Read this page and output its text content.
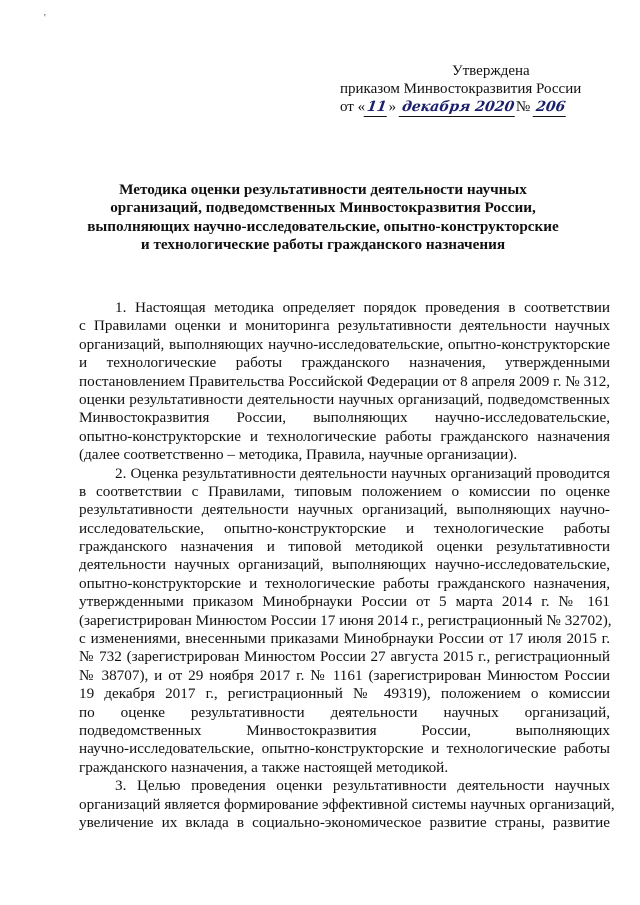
'
Утверждена
приказом Минвостокразвития России
от «11» декабря 2020№ 206
Методика оценки результативности деятельности научных
организаций, подведомственных Минвостокразвития России,
выполняющих научно-исследовательские, опытно-конструкторские
и технологические работы гражданского назначения
1. Настоящая методика определяет порядок проведения в соответствии
с Правилами оценки и мониторинга результативности деятельности научных
организаций, выполняющих научно-исследовательские, опытно-конструкторские
и технологические работы гражданского назначения, утвержденными
постановлением Правительства Российской Федерации от 8 апреля 2009 г. № 312,
оценки результативности деятельности научных организаций, подведомственных
Минвостокразвития России, выполняющих научно-исследовательские,
опытно-конструкторские и технологические работы гражданского назначения
(далее соответственно – методика, Правила, научные организации).
2. Оценка результативности деятельности научных организаций проводится
в соответствии с Правилами, типовым положением о комиссии по оценке
результативности деятельности научных организаций, выполняющих научно-
исследовательские, опытно-конструкторские и технологические работы
гражданского назначения и типовой методикой оценки результативности
деятельности научных организаций, выполняющих научно-исследовательские,
опытно-конструкторские и технологические работы гражданского назначения,
утвержденными приказом Минобрнауки России от 5 марта 2014 г. № 161
(зарегистрирован Минюстом России 17 июня 2014 г., регистрационный № 32702),
с изменениями, внесенными приказами Минобрнауки России от 17 июля 2015 г.
№ 732 (зарегистрирован Минюстом России 27 августа 2015 г., регистрационный
№ 38707), и от 29 ноября 2017 г. № 1161 (зарегистрирован Минюстом России
19 декабря 2017 г., регистрационный № 49319), положением о комиссии
по оценке результативности деятельности научных организаций,
подведомственных Минвостокразвития России, выполняющих
научно-исследовательские, опытно-конструкторские и технологические работы
гражданского назначения, а также настоящей методикой.
3. Целью проведения оценки результативности деятельности научных
организаций является формирование эффективной системы научных организаций,
увеличение их вклада в социально-экономическое развитие страны, развитие
